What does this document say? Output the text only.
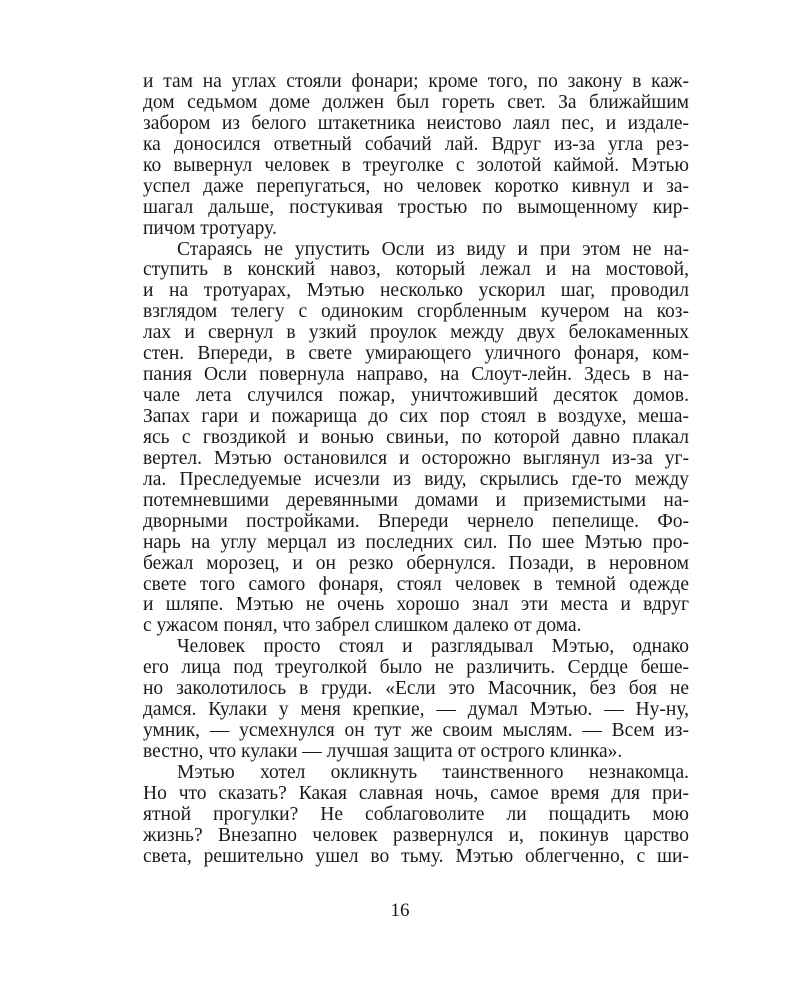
и там на углах стояли фонари; кроме того, по закону в каж-
дом седьмом доме должен был гореть свет. За ближайшим
забором из белого штакетника неистово лаял пес, и издале-
ка доносился ответный собачий лай. Вдруг из-за угла рез-
ко вывернул человек в треуголке с золотой каймой. Мэтью
успел даже перепугаться, но человек коротко кивнул и за-
шагал дальше, постукивая тростью по вымощенному кир-
пичом тротуару.
Стараясь не упустить Осли из виду и при этом не на-
ступить в конский навоз, который лежал и на мостовой,
и на тротуарах, Мэтью несколько ускорил шаг, проводил
взглядом телегу с одиноким сгорбленным кучером на коз-
лах и свернул в узкий проулок между двух белокаменных
стен. Впереди, в свете умирающего уличного фонаря, ком-
пания Осли повернула направо, на Слоут-лейн. Здесь в на-
чале лета случился пожар, уничтоживший десяток домов.
Запах гари и пожарища до сих пор стоял в воздухе, меша-
ясь с гвоздикой и вонью свиньи, по которой давно плакал
вертел. Мэтью остановился и осторожно выглянул из-за уг-
ла. Преследуемые исчезли из виду, скрылись где-то между
потемневшими деревянными домами и приземистыми на-
дворными постройками. Впереди чернело пепелище. Фо-
нарь на углу мерцал из последних сил. По шее Мэтью про-
бежал морозец, и он резко обернулся. Позади, в неровном
свете того самого фонаря, стоял человек в темной одежде
и шляпе. Мэтью не очень хорошо знал эти места и вдруг
с ужасом понял, что забрел слишком далеко от дома.
Человек просто стоял и разглядывал Мэтью, однако
его лица под треуголкой было не различить. Сердце беше-
но заколотилось в груди. «Если это Масочник, без боя не
дамся. Кулаки у меня крепкие, — думал Мэтью. — Ну-ну,
умник, — усмехнулся он тут же своим мыслям. — Всем из-
вестно, что кулаки — лучшая защита от острого клинка».
Мэтью хотел окликнуть таинственного незнакомца.
Но что сказать? Какая славная ночь, самое время для при-
ятной прогулки? Не соблаговолите ли пощадить мою
жизнь? Внезапно человек развернулся и, покинув царство
света, решительно ушел во тьму. Мэтью облегченно, с ши-
16
